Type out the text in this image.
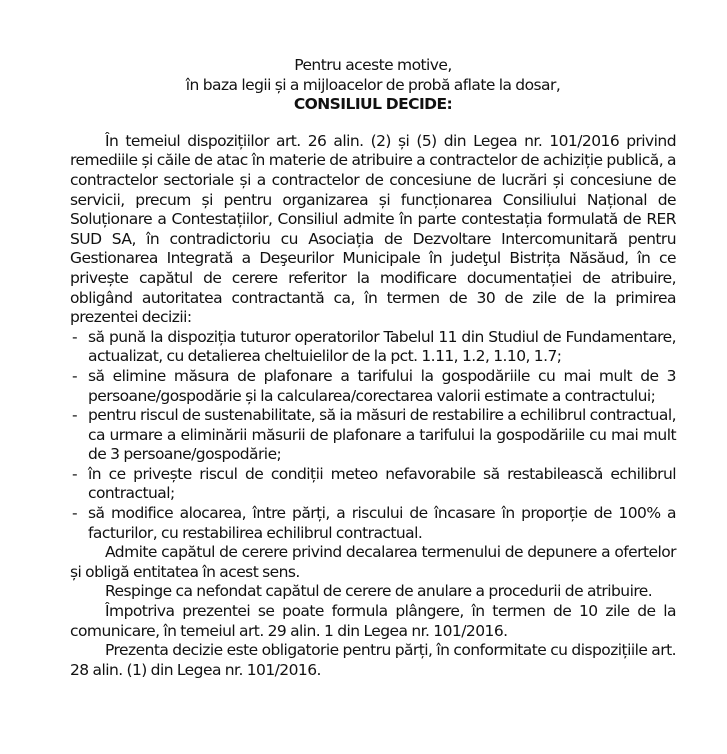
Pentru aceste motive,
în baza legii și a mijloacelor de probă aflate la dosar,
CONSILIUL DECIDE:

În temeiul dispozițiilor art. 26 alin. (2) și (5) din Legea nr. 101/2016 privind remediile și căile de atac în materie de atribuire a contractelor de achiziție publică, a contractelor sectoriale și a contractelor de concesiune de lucrări și concesiune de servicii, precum și pentru organizarea și funcționarea Consiliului Național de Soluționare a Contestațiilor, Consiliul admite în parte contestația formulată de RER SUD SA, în contradictoriu cu Asociația de Dezvoltare Intercomunitară pentru Gestionarea Integrată a Deşeurilor Municipale în judeţul Bistrița Năsăud, în ce privește capătul de cerere referitor la modificare documentației de atribuire, obligând autoritatea contractantă ca, în termen de 30 de zile de la primirea prezentei decizii:

- să pună la dispoziția tuturor operatorilor Tabelul 11 din Studiul de Fundamentare, actualizat, cu detalierea cheltuielilor de la pct. 1.11, 1.2, 1.10, 1.7;
- să elimine măsura de plafonare a tarifului la gospodăriile cu mai mult de 3 persoane/gospodărie și la calcularea/corectarea valorii estimate a contractului;
- pentru riscul de sustenabilitate, să ia măsuri de restabilire a echilibrul contractual, ca urmare a eliminării măsurii de plafonare a tarifului la gospodăriile cu mai mult de 3 persoane/gospodărie;
- în ce privește riscul de condiții meteo nefavorabile să restabilească echilibrul contractual;
- să modifice alocarea, între părți, a riscului de încasare în proporție de 100% a facturilor, cu restabilirea echilibrul contractual.

Admite capătul de cerere privind decalarea termenului de depunere a ofertelor și obligă entitatea în acest sens.

Respinge ca nefondat capătul de cerere de anulare a procedurii de atribuire.

Împotriva prezentei se poate formula plângere, în termen de 10 zile de la comunicare, în temeiul art. 29 alin. 1 din Legea nr. 101/2016.

Prezenta decizie este obligatorie pentru părți, în conformitate cu dispozițiile art. 28 alin. (1) din Legea nr. 101/2016.
